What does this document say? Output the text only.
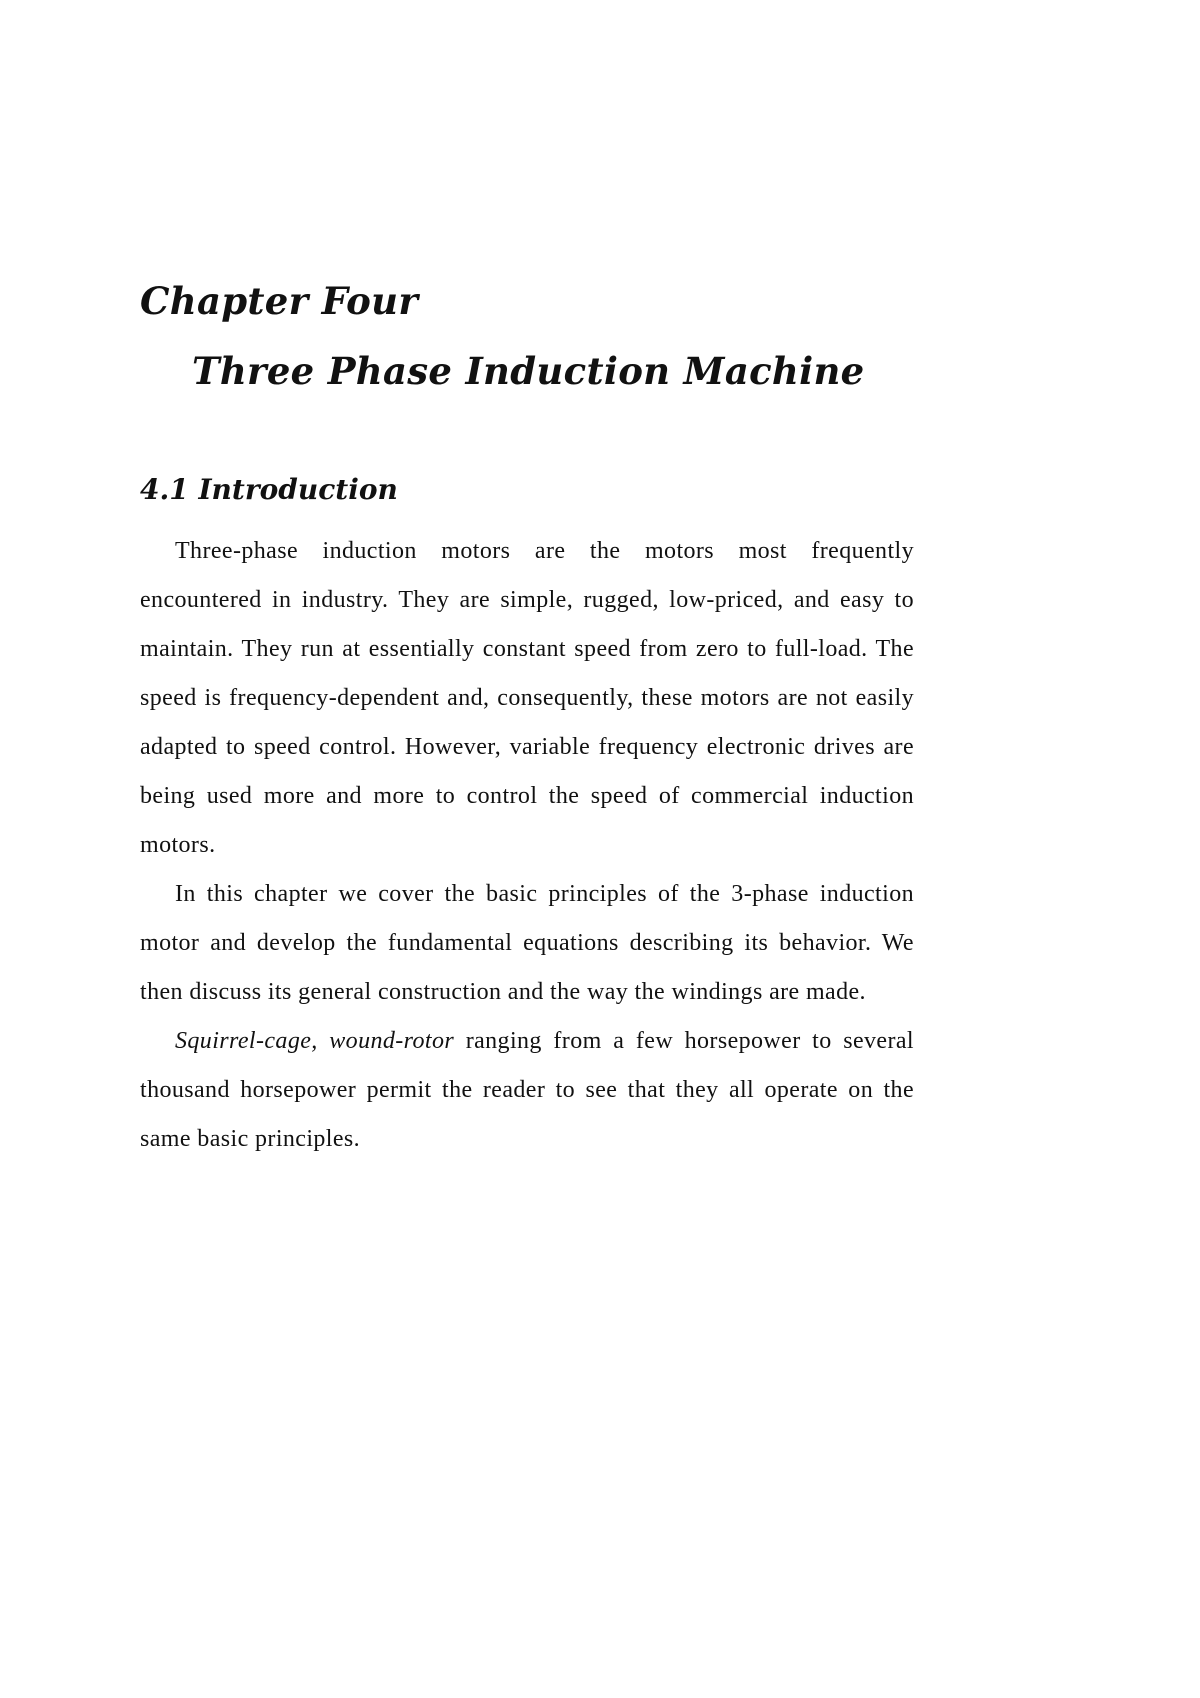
Chapter Four
Three Phase Induction Machine
4.1 Introduction

Three-phase induction motors are the motors most frequently encountered in industry. They are simple, rugged, low-priced, and easy to maintain. They run at essentially constant speed from zero to full-load. The speed is frequency-dependent and, consequently, these motors are not easily adapted to speed control. However, variable frequency electronic drives are being used more and more to control the speed of commercial induction motors.

In this chapter we cover the basic principles of the 3-phase induction motor and develop the fundamental equations describing its behavior. We then discuss its general construction and the way the windings are made.

Squirrel-cage, wound-rotor ranging from a few horsepower to several thousand horsepower permit the reader to see that they all operate on the same basic principles.
